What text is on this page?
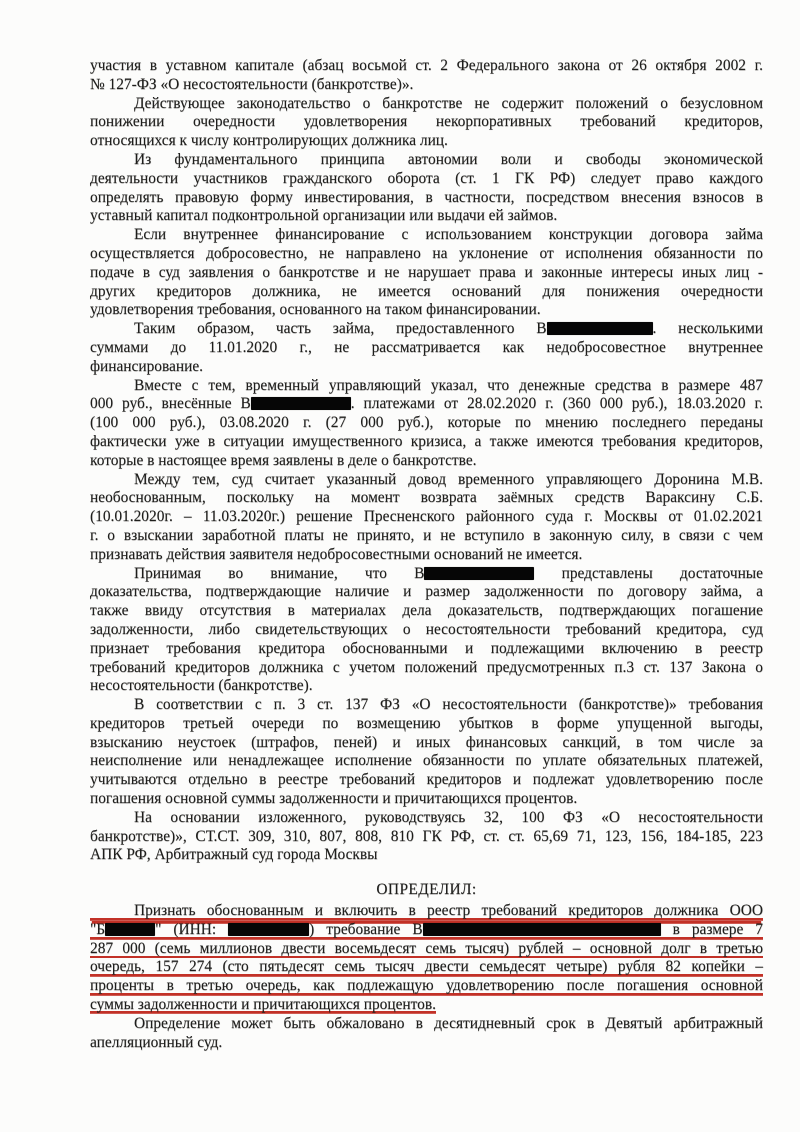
участия в уставном капитале (абзац восьмой ст. 2 Федерального закона от 26 октября 2002 г.
№ 127-ФЗ «О несостоятельности (банкротстве)».
Действующее законодательство о банкротстве не содержит положений о безусловном
понижении очередности удовлетворения некорпоративных требований кредиторов,
относящихся к числу контролирующих должника лиц.
Из фундаментального принципа автономии воли и свободы экономической
деятельности участников гражданского оборота (ст. 1 ГК РФ) следует право каждого
определять правовую форму инвестирования, в частности, посредством внесения взносов в
уставный капитал подконтрольной организации или выдачи ей займов.
Если внутреннее финансирование с использованием конструкции договора займа
осуществляется добросовестно, не направлено на уклонение от исполнения обязанности по
подаче в суд заявления о банкротстве и не нарушает права и законные интересы иных лиц -
других кредиторов должника, не имеется оснований для понижения очередности
удовлетворения требования, основанного на таком финансировании.
Таким образом, часть займа, предоставленного В	. несколькими
суммами до 11.01.2020 г., не рассматривается как недобросовестное внутреннее
финансирование.
Вместе с тем, временный управляющий указал, что денежные средства в размере 487
000 руб., внесённые В	. платежами от 28.02.2020 г. (360 000 руб.), 18.03.2020 г.
(100 000 руб.), 03.08.2020 г. (27 000 руб.), которые по мнению последнего переданы
фактически уже в ситуации имущественного кризиса, а также имеются требования кредиторов,
которые в настоящее время заявлены в деле о банкротстве.
Между тем, суд считает указанный довод временного управляющего Доронина М.В.
необоснованным, поскольку на момент возврата заёмных средств Вараксину С.Б.
(10.01.2020г. – 11.03.2020г.) решение Пресненского районного суда г. Москвы от 01.02.2021
г. о взыскании заработной платы не принято, и не вступило в законную силу, в связи с чем
признавать действия заявителя недобросовестными оснований не имеется.
Принимая во внимание, что В	представлены достаточные
доказательства, подтверждающие наличие и размер задолженности по договору займа, а
также ввиду отсутствия в материалах дела доказательств, подтверждающих погашение
задолженности, либо свидетельствующих о несостоятельности требований кредитора, суд
признает требования кредитора обоснованными и подлежащими включению в реестр
требований кредиторов должника с учетом положений предусмотренных п.3 ст. 137 Закона о
несостоятельности (банкротстве).
В соответствии с п. 3 ст. 137 ФЗ «О несостоятельности (банкротстве)» требования
кредиторов третьей очереди по возмещению убытков в форме упущенной выгоды,
взысканию неустоек (штрафов, пеней) и иных финансовых санкций, в том числе за
неисполнение или ненадлежащее исполнение обязанности по уплате обязательных платежей,
учитываются отдельно в реестре требований кредиторов и подлежат удовлетворению после
погашения основной суммы задолженности и причитающихся процентов.
На основании изложенного, руководствуясь 32, 100 ФЗ «О несостоятельности
банкротстве)», СТ.СТ. 309, 310, 807, 808, 810 ГК РФ, ст. ст. 65,69 71, 123, 156, 184-185, 223
АПК РФ, Арбитражный суд города Москвы
ОПРЕДЕЛИЛ:
Признать обоснованным и включить в реестр требований кредиторов должника ООО
"Б	" (ИНН:	) требование В	в размере 7
287 000 (семь миллионов двести восемьдесят семь тысяч) рублей – основной долг в третью
очередь, 157 274 (сто пятьдесят семь тысяч двести семьдесят четыре) рубля 82 копейки –
проценты в третью очередь, как подлежащую удовлетворению после погашения основной
суммы задолженности и причитающихся процентов.
Определение может быть обжаловано в десятидневный срок в Девятый арбитражный
апелляционный суд.
